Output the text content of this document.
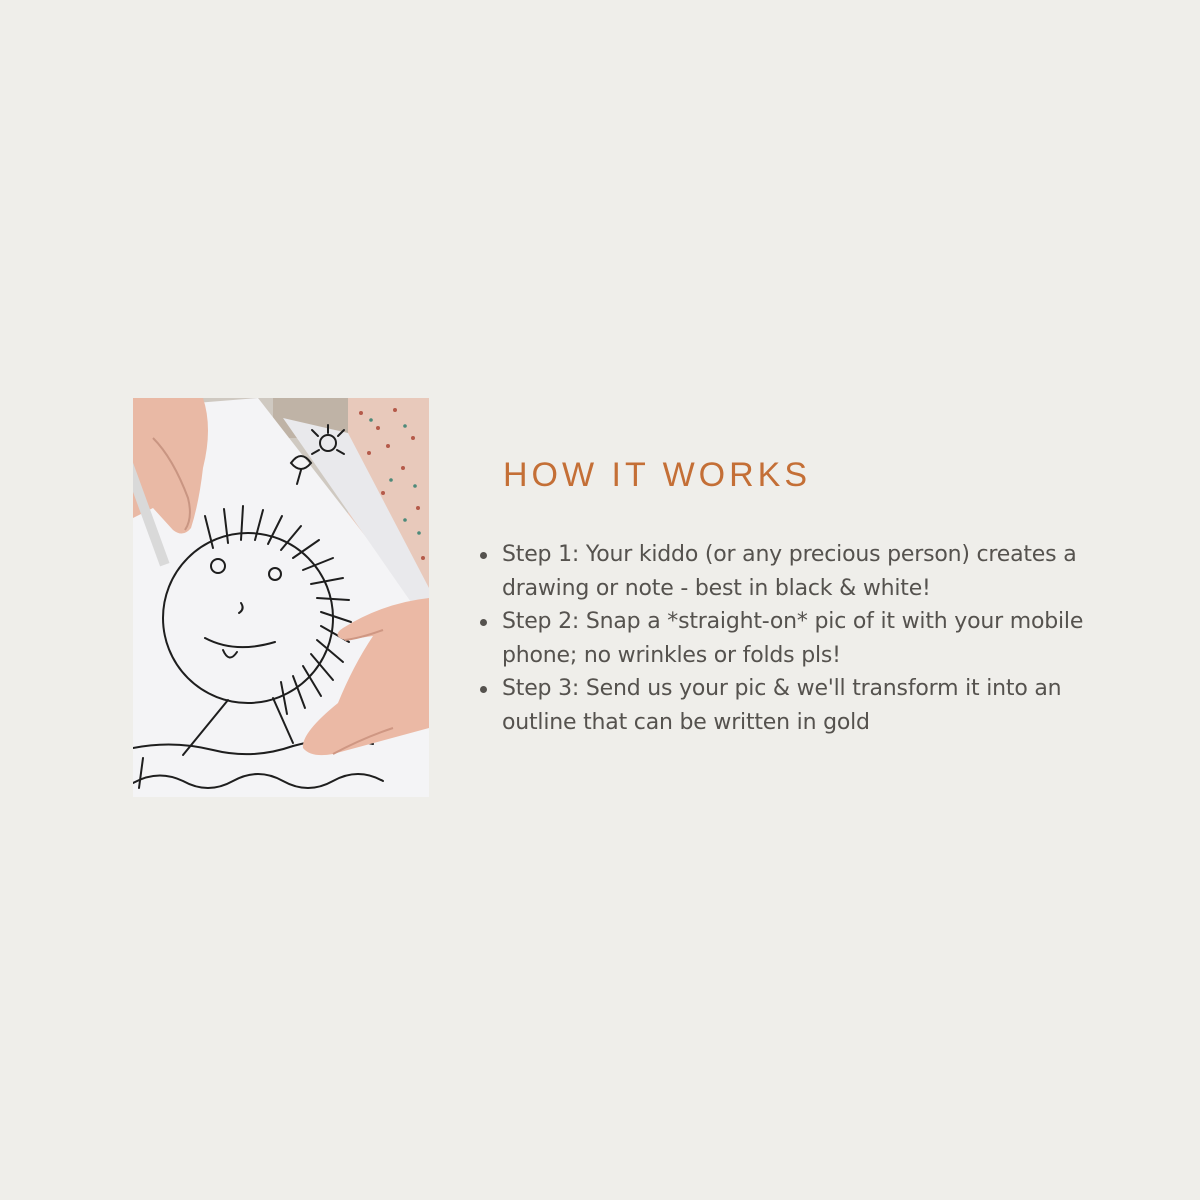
HOW IT WORKS
Step 1: Your kiddo (or any precious person) creates a drawing or note - best in black & white!
Step 2: Snap a *straight-on* pic of it with your mobile phone; no wrinkles or folds pls!
Step 3: Send us your pic & we'll transform it into an outline that can be written in gold
